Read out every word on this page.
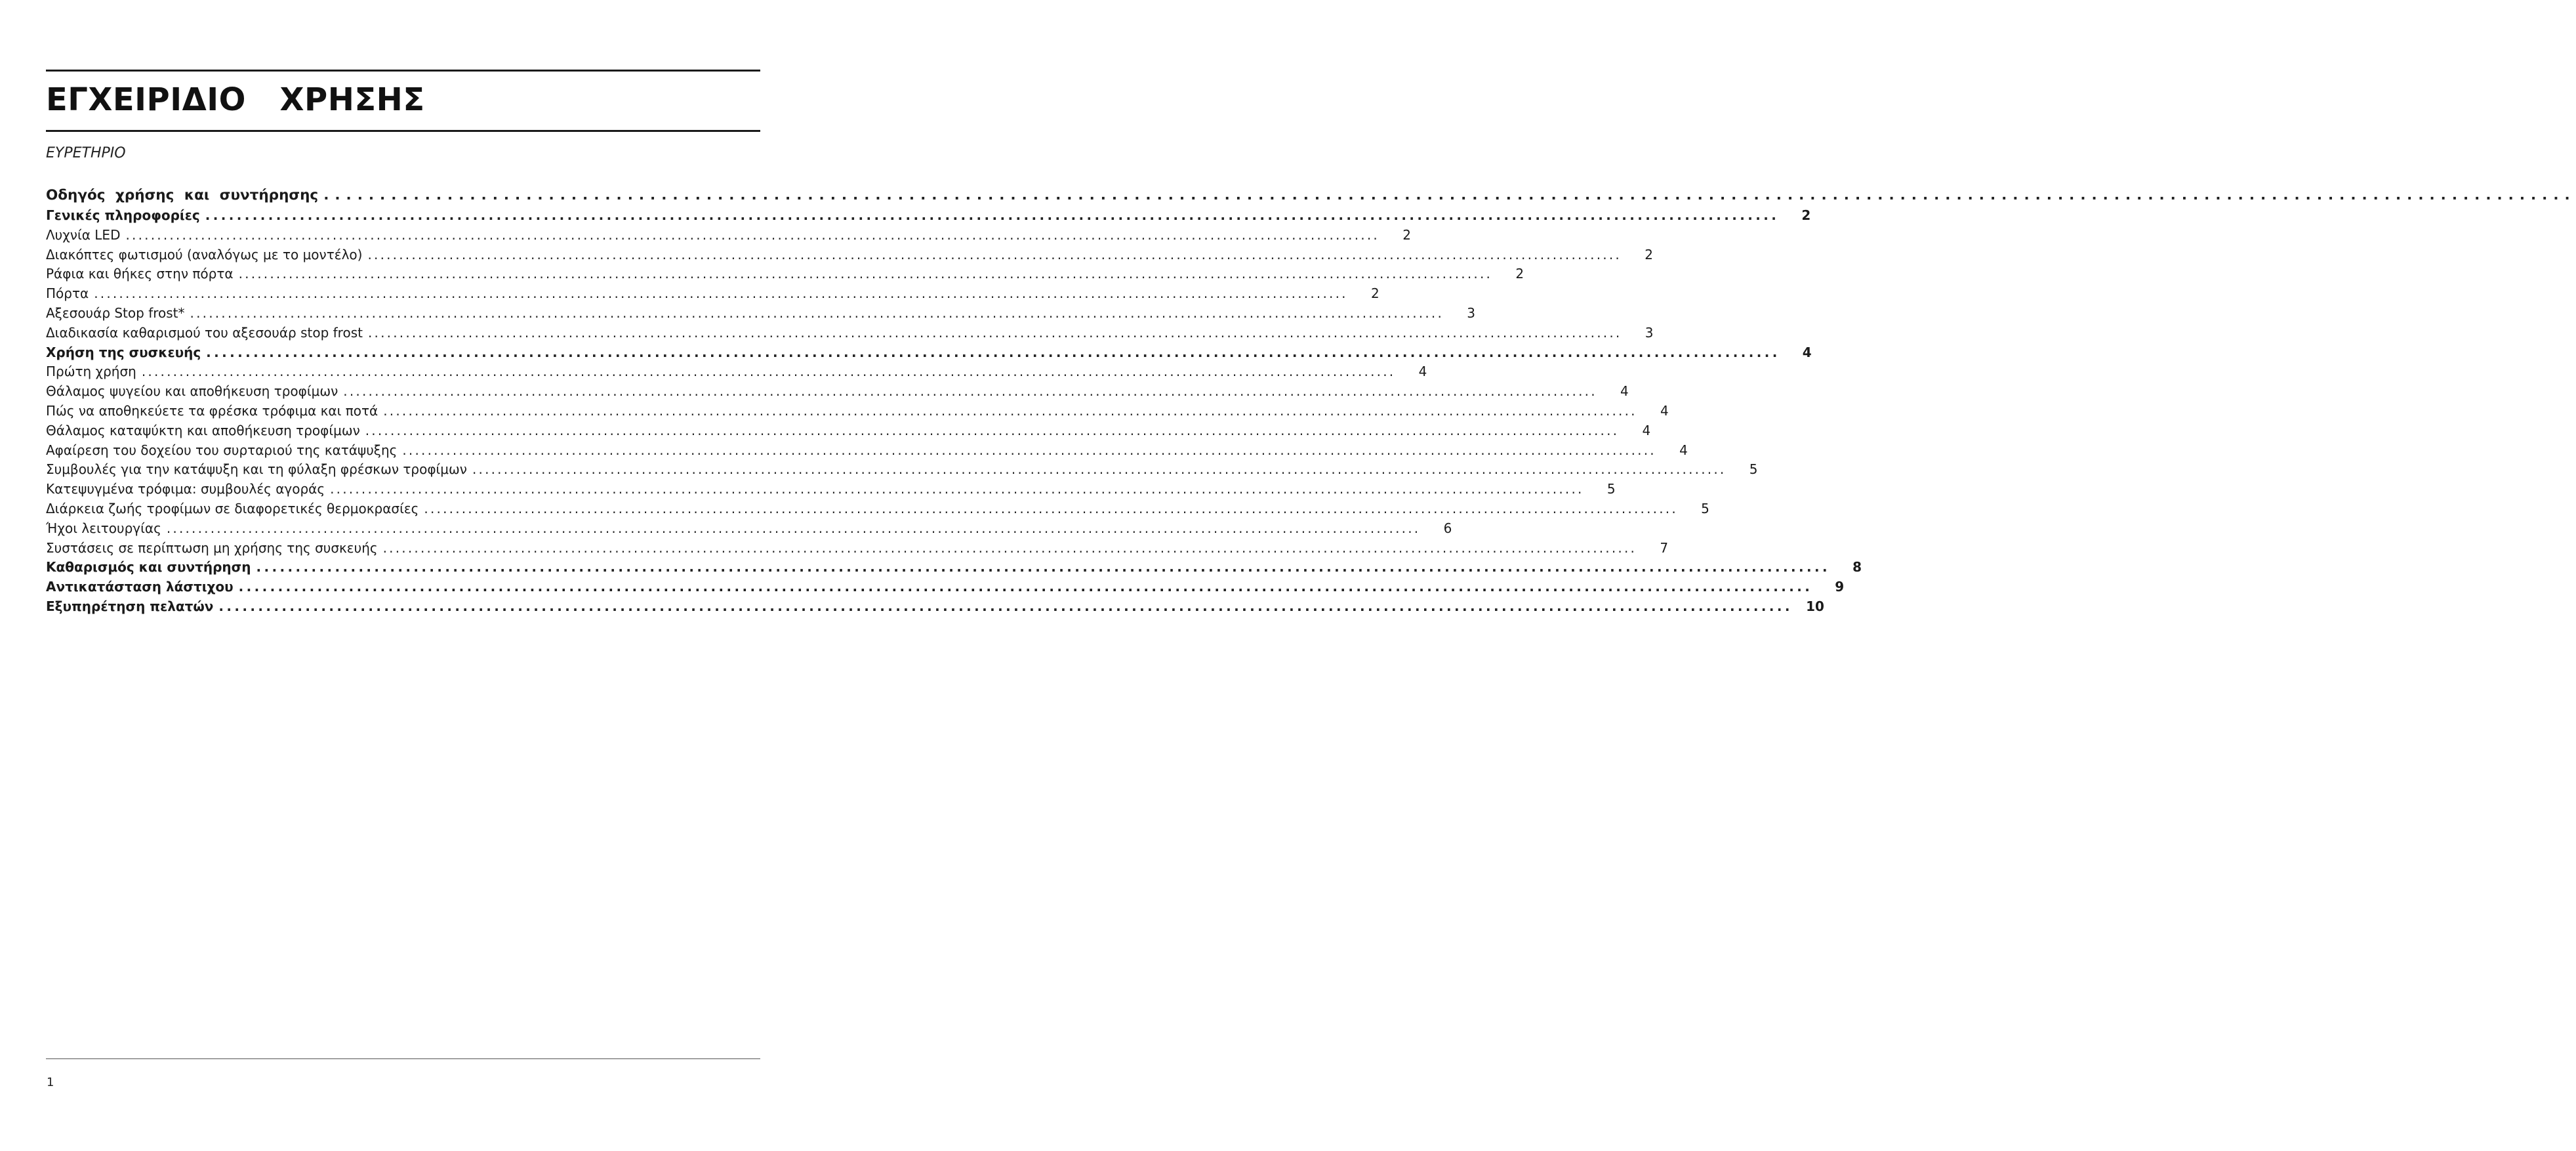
ΕΓΧΕΙΡΙΔΙΟ   ΧΡΗΣΗΣ
ΕΥΡΕΤΗΡΙΟ
Οδηγός χρήσης και συντήρησης ........................................................................................................................................................................................................
Γενικές πληροφορίες ........................................................................................................................................................................................................	2
Λυχνία LED ........................................................................................................................................................................................................	2
Διακόπτες φωτισμού (αναλόγως με το μοντέλο) ........................................................................................................................................................................................................	2
Ράφια και θήκες στην πόρτα ........................................................................................................................................................................................................	2
Πόρτα ........................................................................................................................................................................................................	2
Αξεσουάρ Stop frost* ........................................................................................................................................................................................................	3
Διαδικασία καθαρισμού του αξεσουάρ stop frost ........................................................................................................................................................................................................	3
Χρήση της συσκευής ........................................................................................................................................................................................................	4
Πρώτη χρήση ........................................................................................................................................................................................................	4
Θάλαμος ψυγείου και αποθήκευση τροφίμων ........................................................................................................................................................................................................	4
Πώς να αποθηκεύετε τα φρέσκα τρόφιμα και ποτά ........................................................................................................................................................................................................	4
Θάλαμος καταψύκτη και αποθήκευση τροφίμων ........................................................................................................................................................................................................	4
Αφαίρεση του δοχείου του συρταριού της κατάψυξης ........................................................................................................................................................................................................	4
Συμβουλές για την κατάψυξη και τη φύλαξη φρέσκων τροφίμων ........................................................................................................................................................................................................	5
Κατεψυγμένα τρόφιμα: συμβουλές αγοράς ........................................................................................................................................................................................................	5
Διάρκεια ζωής τροφίμων σε διαφορετικές θερμοκρασίες ........................................................................................................................................................................................................	5
Ήχοι λειτουργίας ........................................................................................................................................................................................................	6
Συστάσεις σε περίπτωση μη χρήσης της συσκευής ........................................................................................................................................................................................................	7
Καθαρισμός και συντήρηση ........................................................................................................................................................................................................	8
Αντικατάσταση λάστιχου ........................................................................................................................................................................................................	9
Εξυπηρέτηση πελατών ........................................................................................................................................................................................................	10
1
